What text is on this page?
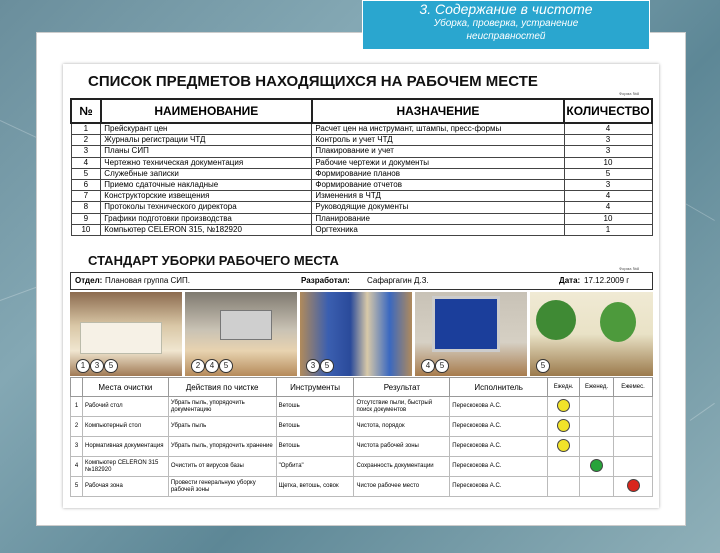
3. Содержание в чистоте
Уборка, проверка, устранение
неисправностей
СПИСОК ПРЕДМЕТОВ НАХОДЯЩИХСЯ НА РАБОЧЕМ МЕСТЕ
Форма №8
№	НАИМЕНОВАНИЕ	НАЗНАЧЕНИЕ	КОЛИЧЕСТВО
1	Прейскурант цен	Расчет цен на инструмант, штампы, пресс-формы	4
2	Журналы регистрации ЧТД	Контроль и учет ЧТД	3
3	Планы СИП	Плакирование и учет	3
4	Чертежно техническая документация	Рабочие чертежи и документы	10
5	Служебные записки	Формирование планов	5
6	Приемо сдаточные накладные	Формирование отчетов	3
7	Конструкторские извещения	Изменения в ЧТД	4
8	Протоколы технического директора	Руководящие документы	4
9	Графики подготовки производства	Планирование	10
10	Компьютер CELERON 315, №182920	Оргтехника	1
СТАНДАРТ УБОРКИ РАБОЧЕГО МЕСТА
Форма №8
Отдел: Плановая группа СИП.	Разработал: Сафаргагин Д.З.	Дата: 17.12.2009 г
1	3	5	2	4	5	3	5	4	5	5
	Места очистки	Действия по чистке	Инструменты	Результат	Исполнитель	Ежедн.	Еженед.	Ежемес.
1	Рабочий стол	Убрать пыль, упорядочить документацию	Ветошь	Отсутствие пыли, быстрый поиск документов	Перескокова А.С.			
2	Компьютерный стол	Убрать пыль	Ветошь	Чистота, порядок	Перескокова А.С.			
3	Нормативная документация	Убрать пыль, упорядочить хранение	Ветошь	Чистота рабочей зоны	Перескокова А.С.			
4	Компьютер CELERON 315 №182920	Очистить от вирусов базы	"Орбита"	Сохранность документации	Перескокова А.С.			
5	Рабочая зона	Провести генеральную уборку рабочей зоны	Щетка, ветошь, совок	Чистое рабочее место	Перескокова А.С.			
